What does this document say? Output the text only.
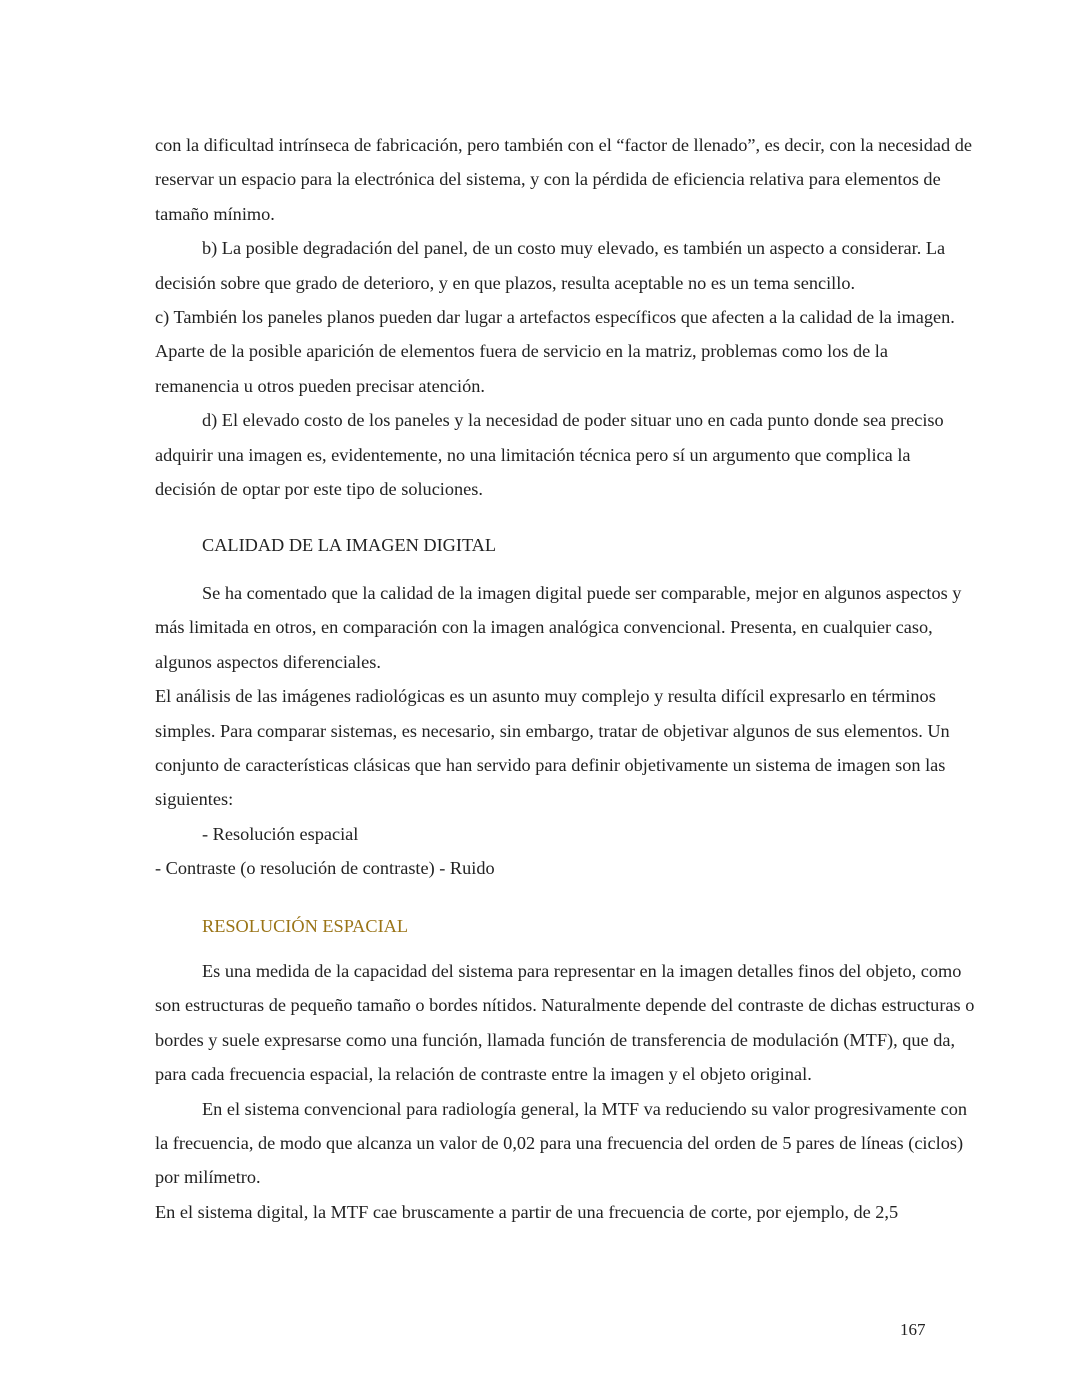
con la dificultad intrínseca de fabricación, pero también con el “factor de llenado”, es decir, con la necesidad de reservar un espacio para la electrónica del sistema, y con la pérdida de eficiencia relativa para elementos de tamaño mínimo.

b) La posible degradación del panel, de un costo muy elevado, es también un aspecto a considerar. La decisión sobre que grado de deterioro, y en que plazos, resulta aceptable no es un tema sencillo.

c) También los paneles planos pueden dar lugar a artefactos específicos que afecten a la calidad de la imagen. Aparte de la posible aparición de elementos fuera de servicio en la matriz, problemas como los de la remanencia u otros pueden precisar atención.

d) El elevado costo de los paneles y la necesidad de poder situar uno en cada punto donde sea preciso adquirir una imagen es, evidentemente, no una limitación técnica pero sí un argumento que complica la decisión de optar por este tipo de soluciones.

CALIDAD DE LA IMAGEN DIGITAL

Se ha comentado que la calidad de la imagen digital puede ser comparable, mejor en algunos aspectos y más limitada en otros, en comparación con la imagen analógica convencional. Presenta, en cualquier caso, algunos aspectos diferenciales.

El análisis de las imágenes radiológicas es un asunto muy complejo y resulta difícil expresarlo en términos simples. Para comparar sistemas, es necesario, sin embargo, tratar de objetivar algunos de sus elementos. Un conjunto de características clásicas que han servido para definir objetivamente un sistema de imagen son las siguientes:

- Resolución espacial

- Contraste (o resolución de contraste) - Ruido

RESOLUCIÓN ESPACIAL

Es una medida de la capacidad del sistema para representar en la imagen detalles finos del objeto, como son estructuras de pequeño tamaño o bordes nítidos. Naturalmente depende del contraste de dichas estructuras o bordes y suele expresarse como una función, llamada función de transferencia de modulación (MTF), que da, para cada frecuencia espacial, la relación de contraste entre la imagen y el objeto original.

En el sistema convencional para radiología general, la MTF va reduciendo su valor progresivamente con la frecuencia, de modo que alcanza un valor de 0,02 para una frecuencia del orden de 5 pares de líneas (ciclos) por milímetro.

En el sistema digital, la MTF cae bruscamente a partir de una frecuencia de corte, por ejemplo, de 2,5

167
